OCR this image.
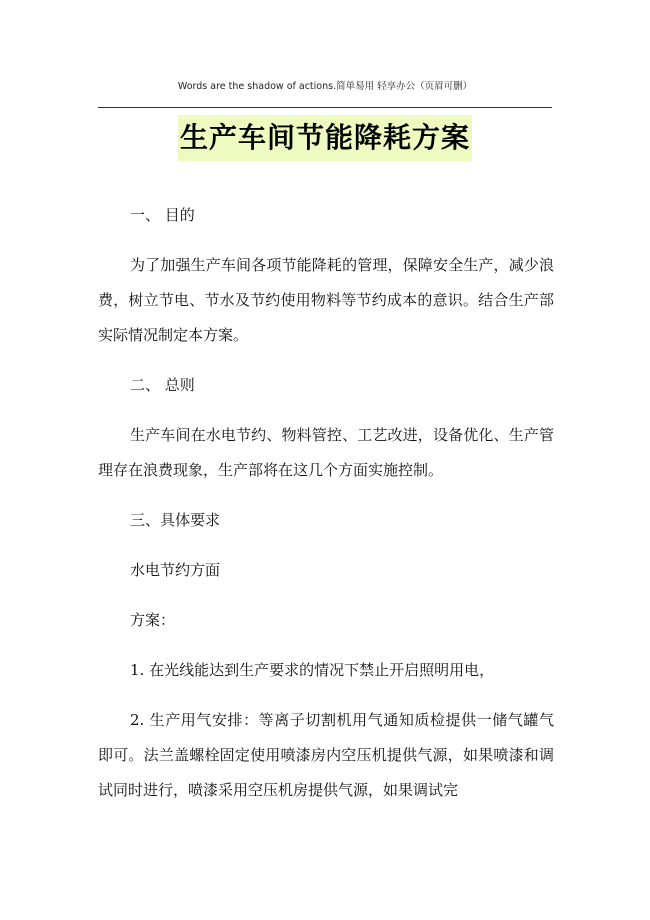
Words are the shadow of actions.简单易用 轻享办公（页眉可删）
生产车间节能降耗方案

一、 目的

为了加强生产车间各项节能降耗的管理，保障安全生产，减少浪费，树立节电、节水及节约使用物料等节约成本的意识。结合生产部实际情况制定本方案。

二、 总则

生产车间在水电节约、物料管控、工艺改进，设备优化、生产管理存在浪费现象，生产部将在这几个方面实施控制。

三、具体要求

水电节约方面

方案：

1. 在光线能达到生产要求的情况下禁止开启照明用电，

2. 生产用气安排：等离子切割机用气通知质检提供一储气罐气即可。法兰盖螺栓固定使用喷漆房内空压机提供气源，如果喷漆和调试同时进行，喷漆采用空压机房提供气源，如果调试完
